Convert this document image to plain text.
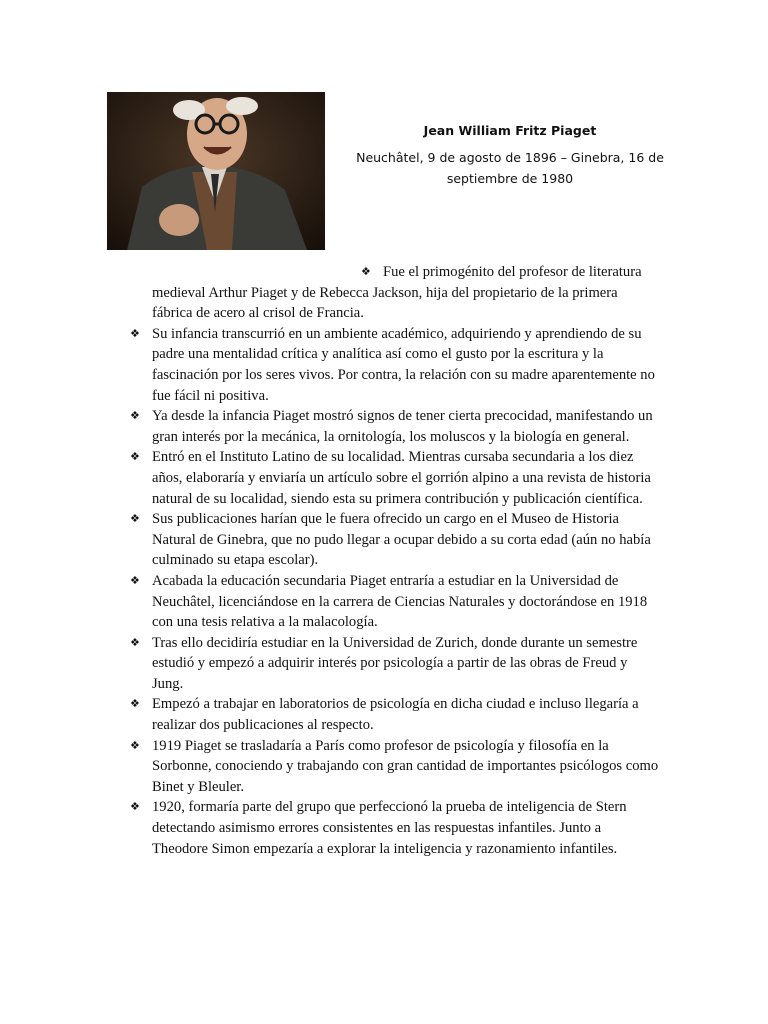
Jean William Fritz Piaget
Neuchâtel, 9 de agosto de 1896 – Ginebra, 16 de septiembre de 1980

❖ Fue el primogénito del profesor de literatura medieval Arthur Piaget y de Rebecca Jackson, hija del propietario de la primera fábrica de acero al crisol de Francia.

❖ Su infancia transcurrió en un ambiente académico, adquiriendo y aprendiendo de su padre una mentalidad crítica y analítica así como el gusto por la escritura y la fascinación por los seres vivos. Por contra, la relación con su madre aparentemente no fue fácil ni positiva.

❖ Ya desde la infancia Piaget mostró signos de tener cierta precocidad, manifestando un gran interés por la mecánica, la ornitología, los moluscos y la biología en general.

❖ Entró en el Instituto Latino de su localidad. Mientras cursaba secundaria a los diez años, elaboraría y enviaría un artículo sobre el gorrión alpino a una revista de historia natural de su localidad, siendo esta su primera contribución y publicación científica.

❖ Sus publicaciones harían que le fuera ofrecido un cargo en el Museo de Historia Natural de Ginebra, que no pudo llegar a ocupar debido a su corta edad (aún no había culminado su etapa escolar).

❖ Acabada la educación secundaria Piaget entraría a estudiar en la Universidad de Neuchâtel, licenciándose en la carrera de Ciencias Naturales y doctorándose en 1918 con una tesis relativa a la malacología.

❖ Tras ello decidiría estudiar en la Universidad de Zurich, donde durante un semestre estudió y empezó a adquirir interés por psicología a partir de las obras de Freud y Jung.

❖ Empezó a trabajar en laboratorios de psicología en dicha ciudad e incluso llegaría a realizar dos publicaciones al respecto.

❖ 1919 Piaget se trasladaría a París como profesor de psicología y filosofía en la Sorbonne, conociendo y trabajando con gran cantidad de importantes psicólogos como Binet y Bleuler.

❖ 1920, formaría parte del grupo que perfeccionó la prueba de inteligencia de Stern detectando asimismo errores consistentes en las respuestas infantiles. Junto a Theodore Simon empezaría a explorar la inteligencia y razonamiento infantiles.
